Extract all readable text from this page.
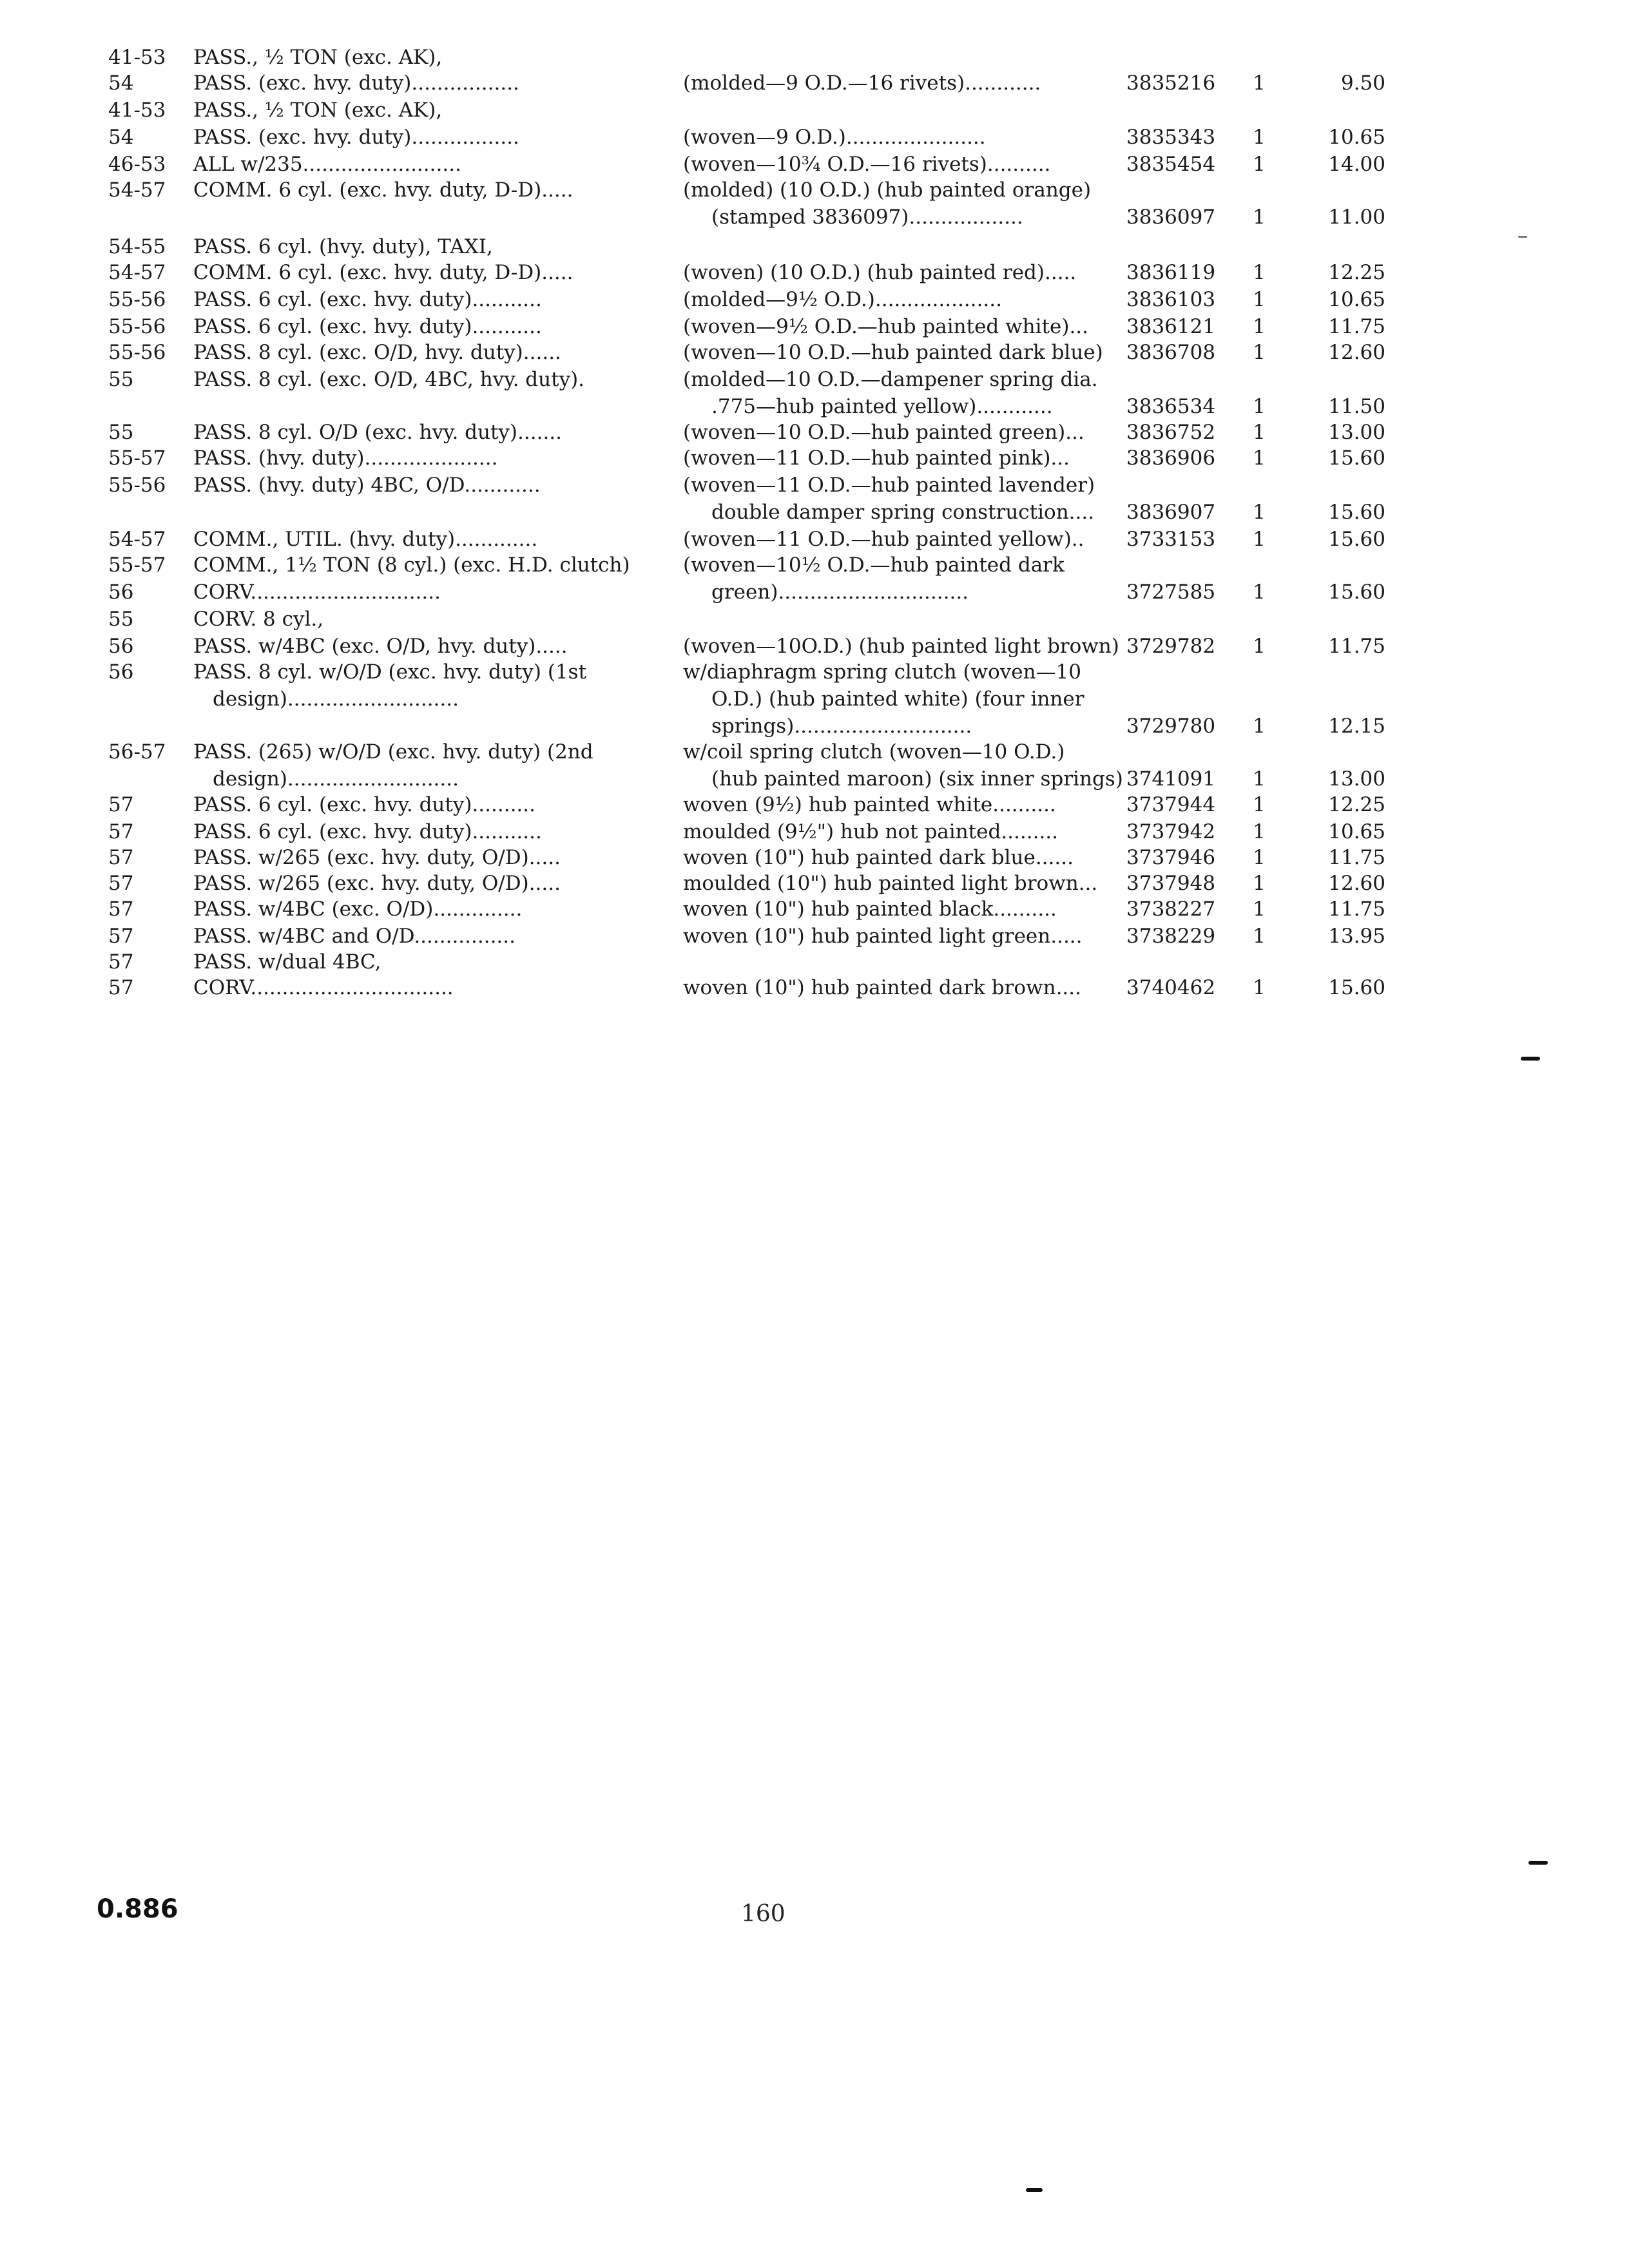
41-53	PASS., ½ TON (exc. AK),
54	PASS. (exc. hvy. duty).................	(molded—9 O.D.—16 rivets)............	3835216	1	9.50
41-53	PASS., ½ TON (exc. AK),
54	PASS. (exc. hvy. duty).................	(woven—9 O.D.)......................	3835343	1	10.65
46-53	ALL w/235.........................	(woven—10¾ O.D.—16 rivets)..........	3835454	1	14.00
54-57	COMM. 6 cyl. (exc. hvy. duty, D-D).....	(molded) (10 O.D.) (hub painted orange)
(stamped 3836097)..................	3836097	1	11.00
54-55	PASS. 6 cyl. (hvy. duty), TAXI,
54-57	COMM. 6 cyl. (exc. hvy. duty, D-D).....	(woven) (10 O.D.) (hub painted red).....	3836119	1	12.25
55-56	PASS. 6 cyl. (exc. hvy. duty)...........	(molded—9½ O.D.)....................	3836103	1	10.65
55-56	PASS. 6 cyl. (exc. hvy. duty)...........	(woven—9½ O.D.—hub painted white)...	3836121	1	11.75
55-56	PASS. 8 cyl. (exc. O/D, hvy. duty)......	(woven—10 O.D.—hub painted dark blue)	3836708	1	12.60
55	PASS. 8 cyl. (exc. O/D, 4BC, hvy. duty).	(molded—10 O.D.—dampener spring dia.
.775—hub painted yellow)............	3836534	1	11.50
55	PASS. 8 cyl. O/D (exc. hvy. duty).......	(woven—10 O.D.—hub painted green)...	3836752	1	13.00
55-57	PASS. (hvy. duty).....................	(woven—11 O.D.—hub painted pink)...	3836906	1	15.60
55-56	PASS. (hvy. duty) 4BC, O/D............	(woven—11 O.D.—hub painted lavender)
double damper spring construction....	3836907	1	15.60
54-57	COMM., UTIL. (hvy. duty).............	(woven—11 O.D.—hub painted yellow)..	3733153	1	15.60
55-57	COMM., 1½ TON (8 cyl.) (exc. H.D. clutch)	(woven—10½ O.D.—hub painted dark
56	CORV..............................	green)..............................	3727585	1	15.60
55	CORV. 8 cyl.,
56	PASS. w/4BC (exc. O/D, hvy. duty).....	(woven—10O.D.) (hub painted light brown) 3729782	1	11.75
56	PASS. 8 cyl. w/O/D (exc. hvy. duty) (1st	w/diaphragm spring clutch (woven—10
design)...........................	O.D.) (hub painted white) (four inner
springs)............................	3729780	1	12.15
56-57	PASS. (265) w/O/D (exc. hvy. duty) (2nd	w/coil spring clutch (woven—10 O.D.)
design)...........................	(hub painted maroon) (six inner springs) 3741091	1	13.00
57	PASS. 6 cyl. (exc. hvy. duty)..........	woven (9½) hub painted white..........	3737944	1	12.25
57	PASS. 6 cyl. (exc. hvy. duty)...........	moulded (9½") hub not painted.........	3737942	1	10.65
57	PASS. w/265 (exc. hvy. duty, O/D).....	woven (10") hub painted dark blue......	3737946	1	11.75
57	PASS. w/265 (exc. hvy. duty, O/D).....	moulded (10") hub painted light brown...	3737948	1	12.60
57	PASS. w/4BC (exc. O/D)..............	woven (10") hub painted black..........	3738227	1	11.75
57	PASS. w/4BC and O/D................	woven (10") hub painted light green.....	3738229	1	13.95
57	PASS. w/dual 4BC,
57	CORV................................	woven (10") hub painted dark brown....	3740462	1	15.60
0.886	160
